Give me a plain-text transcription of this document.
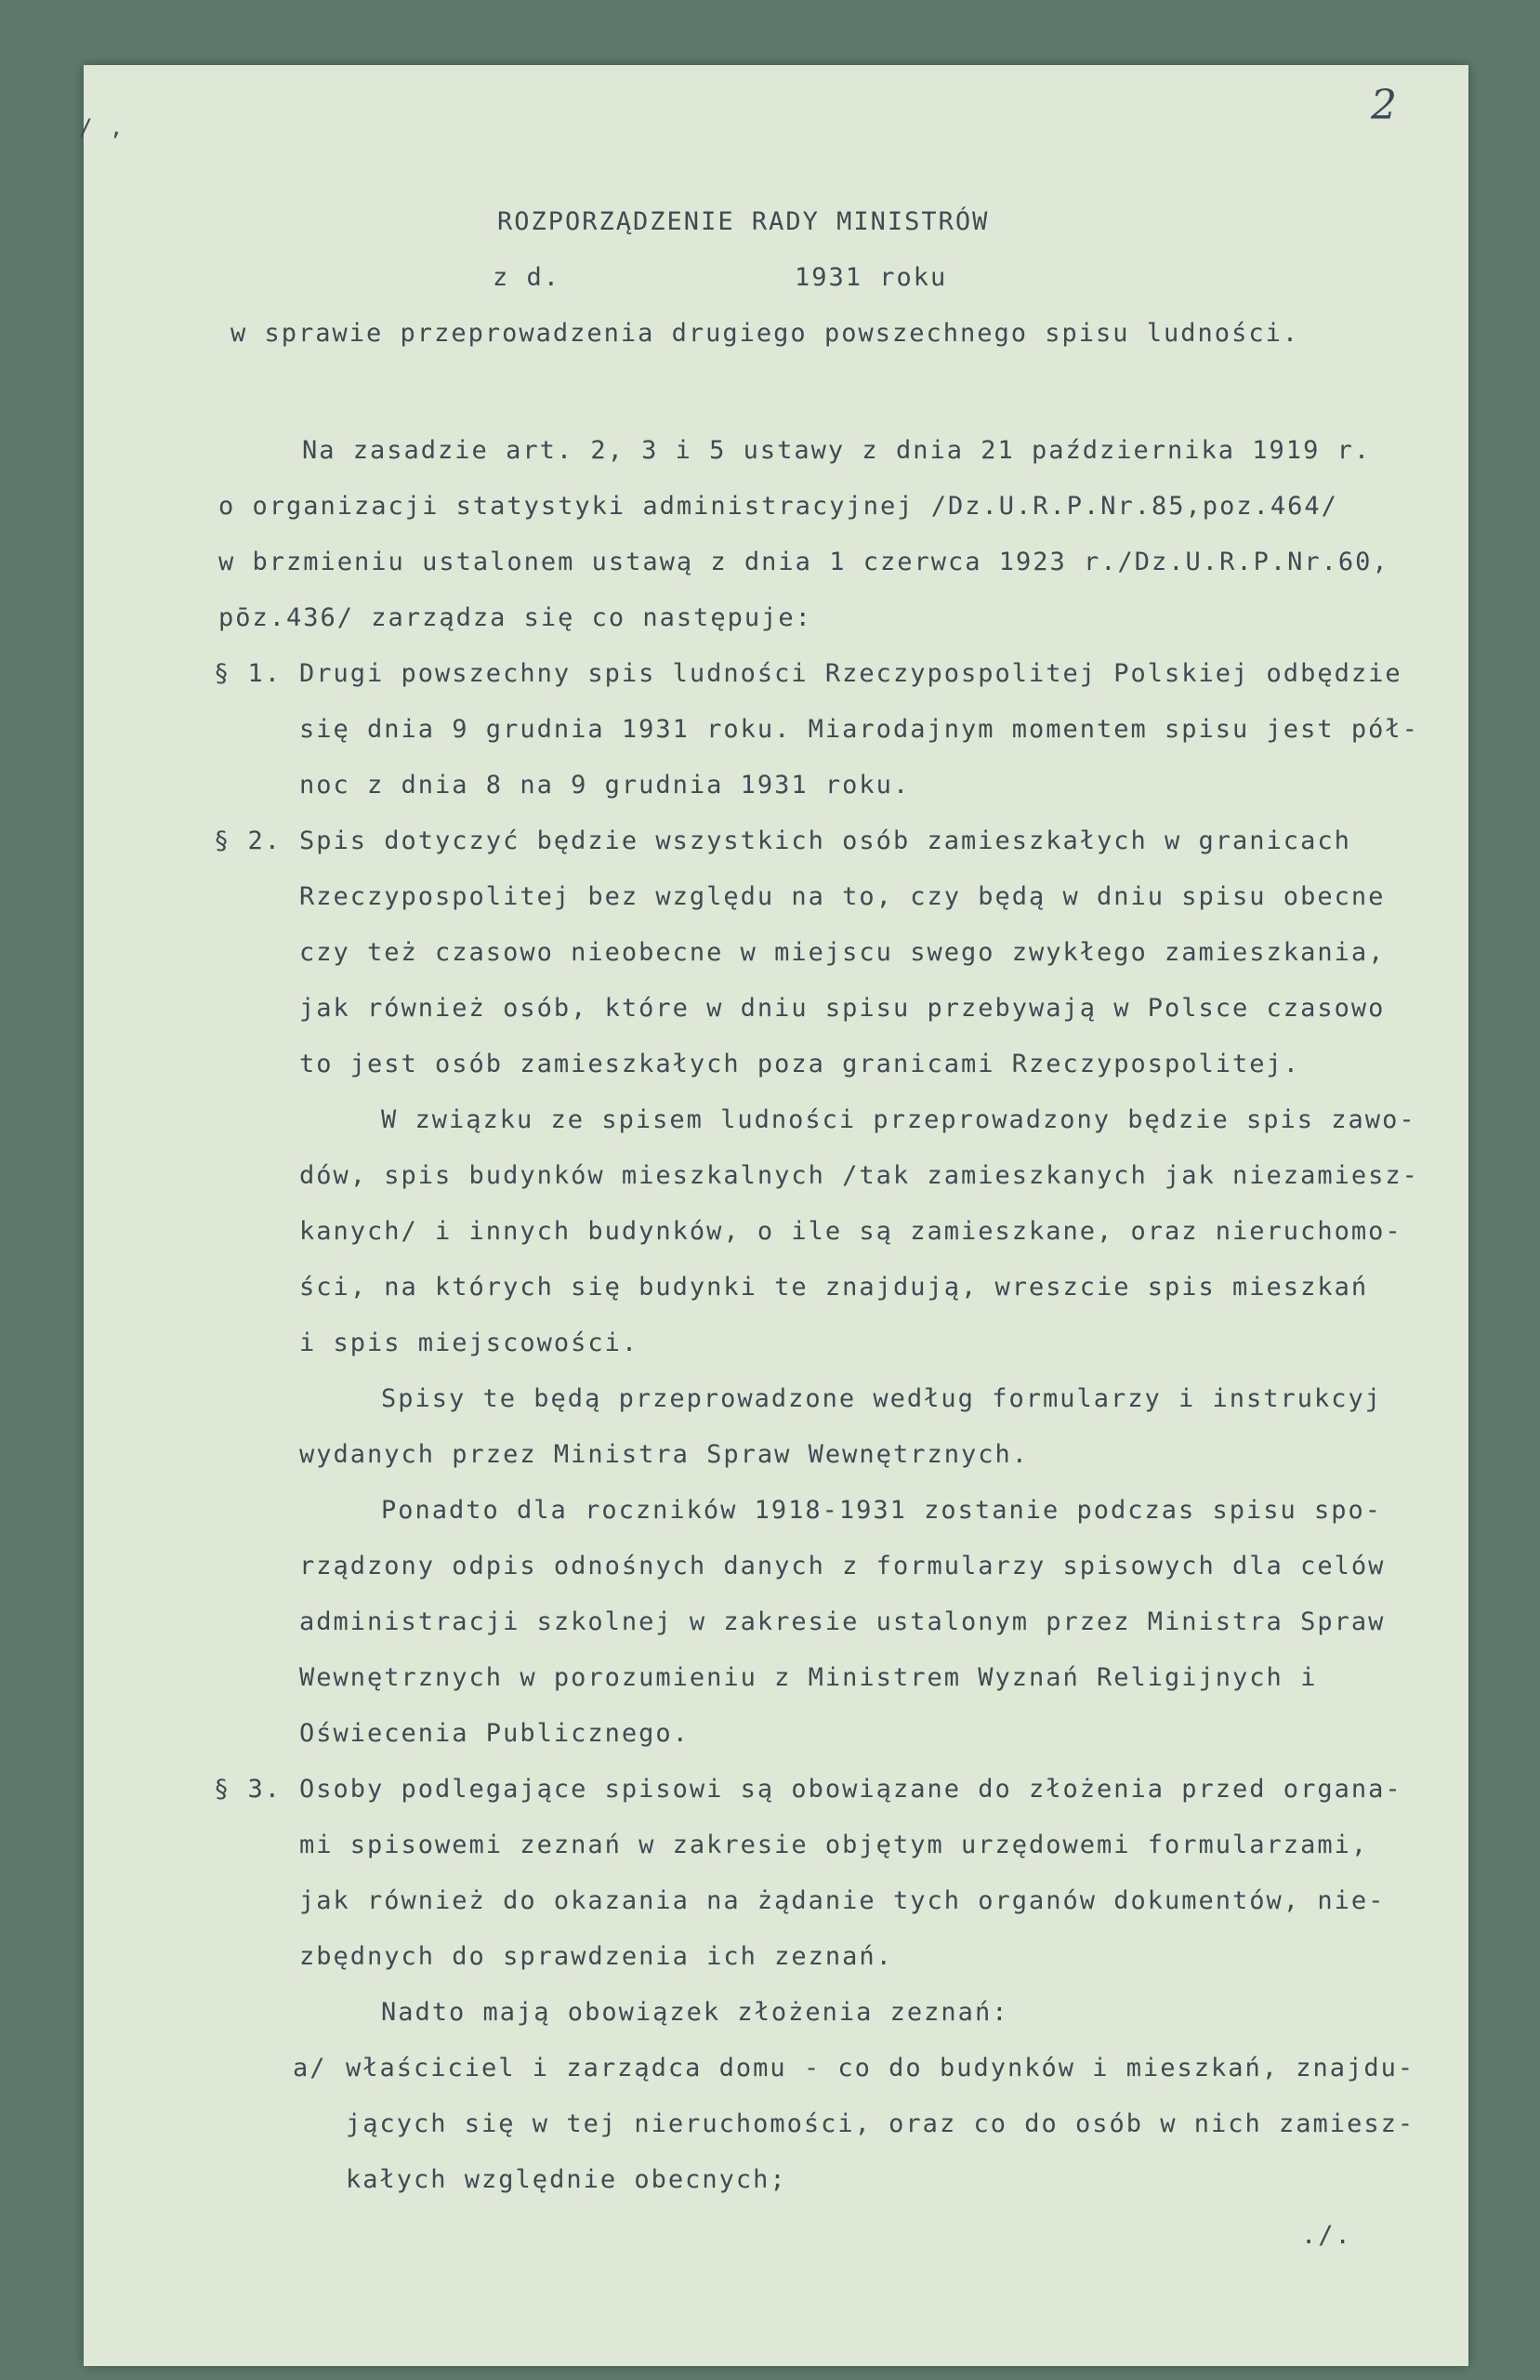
2
/ ,
ROZPORZĄDZENIE RADY MINISTRÓW
z d.	1931 roku
w sprawie przeprowadzenia drugiego powszechnego spisu ludności.
Na zasadzie art. 2, 3 i 5 ustawy z dnia 21 października 1919 r.
o organizacji statystyki administracyjnej /Dz.U.R.P.Nr.85,poz.464/
w brzmieniu ustalonem ustawą z dnia 1 czerwca 1923 r./Dz.U.R.P.Nr.60,
pōz.436/ zarządza się co następuje:
§ 1. Drugi powszechny spis ludności Rzeczypospolitej Polskiej odbędzie
się dnia 9 grudnia 1931 roku. Miarodajnym momentem spisu jest pół-
noc z dnia 8 na 9 grudnia 1931 roku.
§ 2. Spis dotyczyć będzie wszystkich osób zamieszkałych w granicach
Rzeczypospolitej bez względu na to, czy będą w dniu spisu obecne
czy też czasowo nieobecne w miejscu swego zwykłego zamieszkania,
jak również osób, które w dniu spisu przebywają w Polsce czasowo
to jest osób zamieszkałych poza granicami Rzeczypospolitej.
W związku ze spisem ludności przeprowadzony będzie spis zawo-
dów, spis budynków mieszkalnych /tak zamieszkanych jak niezamiesz-
kanych/ i innych budynków, o ile są zamieszkane, oraz nieruchomo-
ści, na których się budynki te znajdują, wreszcie spis mieszkań
i spis miejscowości.
Spisy te będą przeprowadzone według formularzy i instrukcyj
wydanych przez Ministra Spraw Wewnętrznych.
Ponadto dla roczników 1918-1931 zostanie podczas spisu spo-
rządzony odpis odnośnych danych z formularzy spisowych dla celów
administracji szkolnej w zakresie ustalonym przez Ministra Spraw
Wewnętrznych w porozumieniu z Ministrem Wyznań Religijnych i
Oświecenia Publicznego.
§ 3. Osoby podlegające spisowi są obowiązane do złożenia przed organa-
mi spisowemi zeznań w zakresie objętym urzędowemi formularzami,
jak również do okazania na żądanie tych organów dokumentów, nie-
zbędnych do sprawdzenia ich zeznań.
Nadto mają obowiązek złożenia zeznań:
a/ właściciel i zarządca domu - co do budynków i mieszkań, znajdu-
jących się w tej nieruchomości, oraz co do osób w nich zamiesz-
kałych względnie obecnych;
./.
